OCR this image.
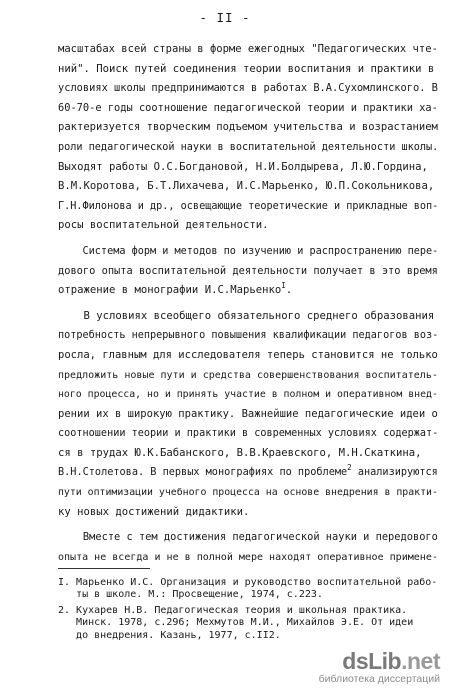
- II -
масштабах всей страны в форме ежегодных "Педагогических чте-
ний". Поиск путей соединения теории воспитания и практики в
условиях школы предпринимаются в работах В.А.Сухомлинского. В
60-70-е годы соотношение педагогической теории и практики ха-
рактеризуется творческим подъемом учительства и возрастанием
роли педагогической науки в воспитательной деятельности школы.
Выходят работы О.С.Богдановой, Н.И.Болдырева, Л.Ю.Гордина,
В.М.Коротова, Б.Т.Лихачева, И.С.Марьенко, Ю.П.Сокольникова,
Г.Н.Филонова и др., освещающие теоретические и прикладные воп-
росы воспитательной деятельности.
Система форм и методов по изучению и распространению пере-
дового опыта воспитательной деятельности получает в это время
отражение в монографии И.С.Марьенко$^I$.
В условиях всеобщего обязательного среднего образования
потребность непрерывного повышения квалификации педагогов воз-
росла, главным для исследователя теперь становится не только
предложить новые пути и средства совершенствования воспитатель-
ного процесса, но и принять участие в полном и оперативном внед-
рении их в широкую практику. Важнейшие педагогические идеи о
соотношении теории и практики в современных условиях содержат-
ся в трудах Ю.К.Бабанского, В.В.Краевского, М.Н.Скаткина,
В.Н.Столетова. В первых монографиях по проблеме$^2$ анализируются
пути оптимизации учебного процесса на основе внедрения в практи-
ку новых достижений дидактики.
Вместе с тем достижения педагогической науки и передового
опыта не всегда и не в полной мере находят оперативное примене-
I. Марьенко И.С. Организация и руководство воспитательной рабо-
ты в школе. М.: Просвещение, 1974, с.223.
2. Кухарев Н.В. Педагогическая теория и школьная практика.
Минск. 1978, с.296; Мехмутов М.И., Михайлов Э.Е. От идеи
до внедрения. Казань, 1977, с.II2.
dsLib.net
библиотека диссертаций
